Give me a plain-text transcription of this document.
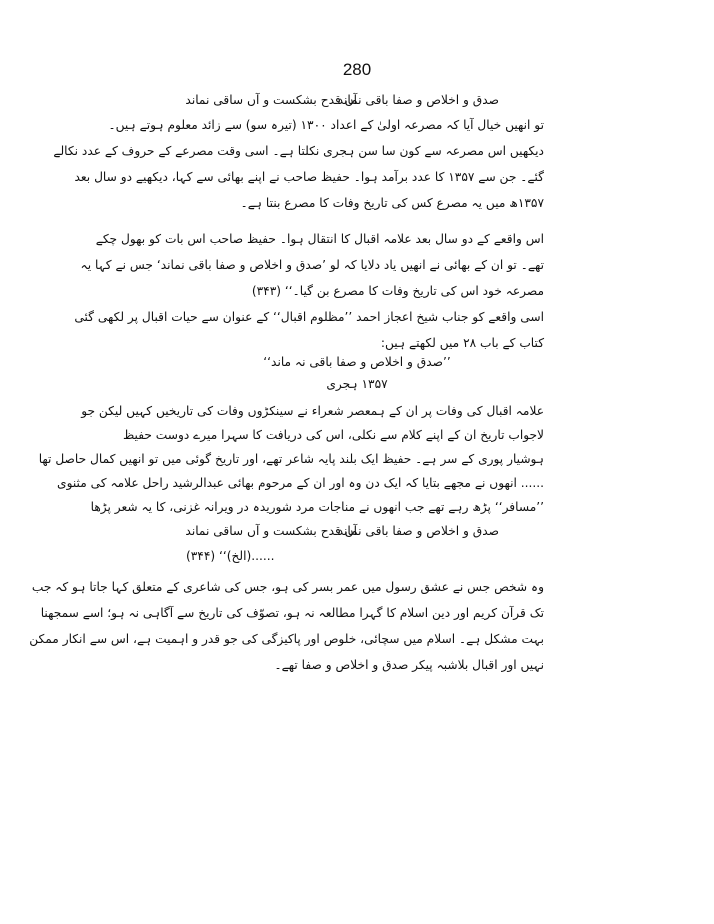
280
صدق و اخلاص و صفا باقی نماند
آں قدح بشکست و آں ساقی نماند
تو انھیں خیال آیا کہ مصرعہ اولیٰ کے اعداد ۱۳۰۰ (تیرہ سو) سے زائد معلوم ہوتے ہیں۔
دیکھیں اس مصرعہ سے کون سا سن ہجری نکلتا ہے۔ اسی وقت مصرعے کے حروف کے عدد نکالے
گئے۔ جن سے ۱۳۵۷ کا عدد برآمد ہوا۔ حفیظ صاحب نے اپنے بھائی سے کہا، دیکھیے دو سال بعد
۱۳۵۷ھ میں یہ مصرع کس کی تاریخ وفات کا مصرع بنتا ہے۔
اس واقعے کے دو سال بعد علامہ اقبال کا انتقال ہوا۔ حفیظ صاحب اس بات کو بھول چکے
تھے۔ تو ان کے بھائی نے انھیں یاد دلایا کہ لو ’صدق و اخلاص و صفا باقی نماند‘ جس نے کہا یہ
مصرعہ خود اس کی تاریخ وفات کا مصرع بن گیا۔‘‘ (۳۴۳)
اسی واقعے کو جناب شیخ اعجاز احمد ’’مظلوم اقبال‘‘ کے عنوان سے حیات اقبال پر لکھی گئی
کتاب کے باب ۲۸ میں لکھتے ہیں:
’’صدق و اخلاص و صفا باقی نہ ماند‘‘
۱۳۵۷ ہجری
علامہ اقبال کی وفات پر ان کے ہمعصر شعراء نے سینکڑوں وفات کی تاریخیں کہیں لیکن جو
لاجواب تاریخ ان کے اپنے کلام سے نکلی، اس کی دریافت کا سہرا میرے دوست حفیظ
ہوشیار پوری کے سر ہے۔ حفیظ ایک بلند پایہ شاعر تھے، اور تاریخ گوئی میں تو انھیں کمال حاصل تھا
...... انھوں نے مجھے بتایا کہ ایک دن وہ اور ان کے مرحوم بھائی عبدالرشید راحل علامہ کی مثنوی
’’مسافر‘‘ پڑھ رہے تھے جب انھوں نے مناجات مرد شوریدہ در ویرانہ غزنی، کا یہ شعر پڑھا
صدق و اخلاص و صفا باقی نماند
آں قدح بشکست و آں ساقی نماند
......(الخ)‘‘ (۳۴۴)
وہ شخص جس نے عشق رسول میں عمر بسر کی ہو، جس کی شاعری کے متعلق کہا جاتا ہو کہ جب
تک قرآن کریم اور دین اسلام کا گہرا مطالعہ نہ ہو، تصوّف کی تاریخ سے آگاہی نہ ہو؛ اسے سمجھنا
بہت مشکل ہے۔ اسلام میں سچائی، خلوص اور پاکیزگی کی جو قدر و اہمیت ہے، اس سے انکار ممکن
نہیں اور اقبال بلاشبہ پیکر صدق و اخلاص و صفا تھے۔
